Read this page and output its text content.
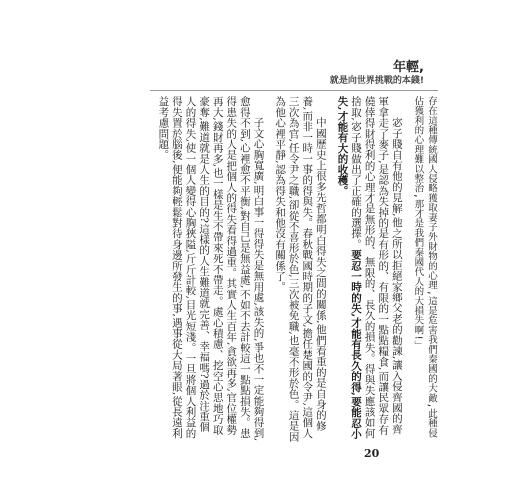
年輕,
就是向世界挑戰的本錢!

存在這種傳統國人侵略獲取妻子外財物的心理,這是危害我們秦國的大敵,此種侵佔獲利的心理難以整治,那才是我們秦國代人的大損失啊!」

宓子賤自有他的見解,他之所以拒絕家鄉父老的勸諫,讓入侵齊國的齊軍拿走了麥子,是認為失掉的是有形的、有限的一點點糧食,而讓民眾存有僥倖得財得利的心理才是無形的、無限的、長久的損失。得與失應該如何捨取,宓子賤做出了正確的選擇。要忍一時的失,才能有長久的得,要能忍小失,才能有大的收穫。

中國歷史上很多先哲都明白得失之間的關係,他們看重的是自身的修養,而非一時一事的得與失。春秋戰國時期的子文,擔任楚國的令尹,這個人三次為官,任令尹之職,卻從不喜形於色,三次被免職,也毫不形於色。這是因為他心裡平靜,認為得失和他沒有關係了。

子文心胸寬廣,明白事一得得失是無用處,該失的,爭也不一定能夠得到,愈得不到,心裡愈不平衡,對自己是無益處,不如不去計較這一點點損失。患得患失的人是把個人的得失看得過重。其實人生百年,貪欲再多,官位權勢再大,錢財再多,也一樣是生不帶來死不帶走。處心積慮、挖空心思地巧取豪奪,難道就是人生的目的?這樣的人生難道就完善、幸福嗎?過於注重個人的得失,使一個人變得心胸狹隘,斤斤計較,目光短淺。一旦將個人利益的得失置於腦後,便能夠輕鬆對待身邊所發生的事,遇事從大局著眼,從長遠利益考慮問題。

20
